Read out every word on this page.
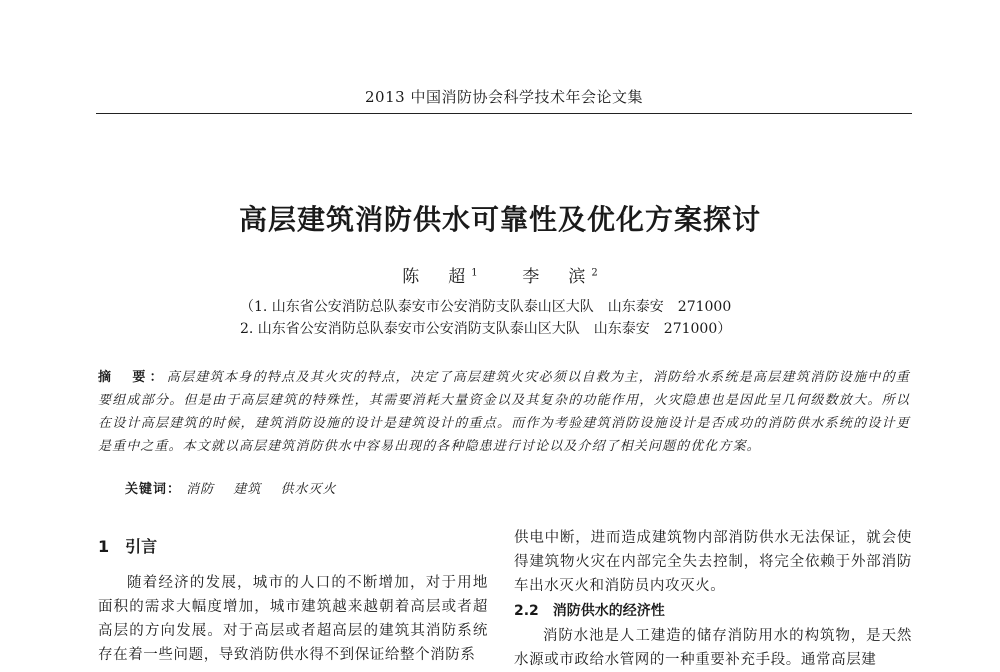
2013 中国消防协会科学技术年会论文集
高层建筑消防供水可靠性及优化方案探讨
陈　超$^1$	李　滨$^2$
（1. 山东省公安消防总队泰安市公安消防支队泰山区大队　山东泰安　271000
2. 山东省公安消防总队泰安市公安消防支队泰山区大队　山东泰安　271000）
摘　要：高层建筑本身的特点及其火灾的特点，决定了高层建筑火灾必须以自救为主，消防给水系统是高层建筑消防设施中的重要组成部分。但是由于高层建筑的特殊性，其需要消耗大量资金以及其复杂的功能作用，火灾隐患也是因此呈几何级数放大。所以在设计高层建筑的时候，建筑消防设施的设计是建筑设计的重点。而作为考验建筑消防设施设计是否成功的消防供水系统的设计更是重中之重。本文就以高层建筑消防供水中容易出现的各种隐患进行讨论以及介绍了相关问题的优化方案。
关键词： 消防 建筑 供水灭火
1　引言

随着经济的发展，城市的人口的不断增加，对于用地面积的需求大幅度增加，城市建筑越来越朝着高层或者超高层的方向发展。对于高层或者超高层的建筑其消防系统存在着一些问题，导致消防供水得不到保证给整个消防系

供电中断，进而造成建筑物内部消防供水无法保证，就会使得建筑物火灾在内部完全失去控制，将完全依赖于外部消防车出水灭火和消防员内攻灭火。

2.2　消防供水的经济性

消防水池是人工建造的储存消防用水的构筑物，是天然水源或市政给水管网的一种重要补充手段。通常高层建
